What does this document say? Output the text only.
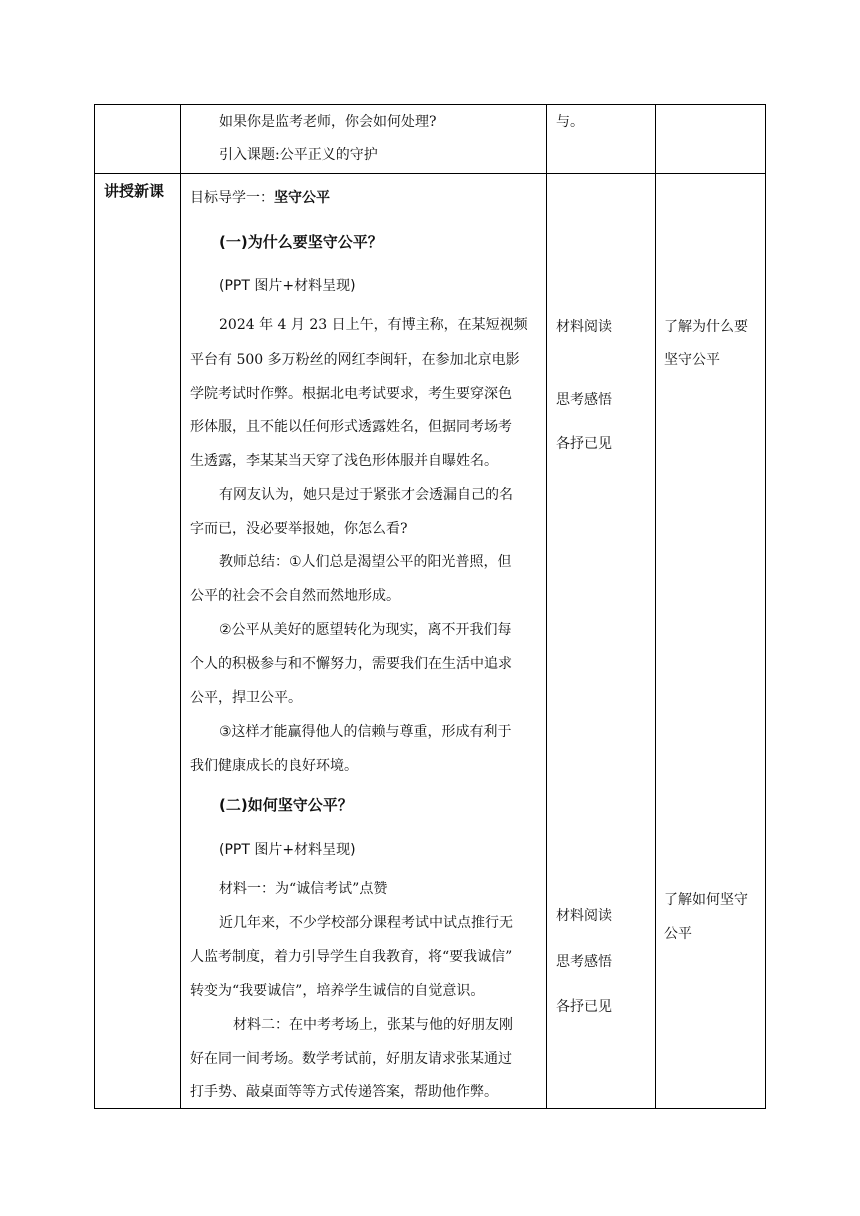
如果你是监考老师，你会如何处理?
引入课题:公平正义的守护
与。
讲授新课 目标导学一：坚守公平
(一)为什么要坚守公平？
(PPT 图片+材料呈现)
2024 年 4 月 23 日上午，有博主称，在某短视频
平台有 500 多万粉丝的网红李闽轩，在参加北京电影
学院考试时作弊。根据北电考试要求，考生要穿深色
形体服，且不能以任何形式透露姓名，但据同考场考
生透露，李某某当天穿了浅色形体服并自曝姓名。
有网友认为，她只是过于紧张才会透漏自己的名
字而已，没必要举报她，你怎么看?
教师总结：①人们总是渴望公平的阳光普照，但
公平的社会不会自然而然地形成。
②公平从美好的愿望转化为现实，离不开我们每
个人的积极参与和不懈努力，需要我们在生活中追求
公平，捍卫公平。
③这样才能赢得他人的信赖与尊重，形成有利于
我们健康成长的良好环境。
材料阅读
思考感悟
各抒已见
了解为什么要
坚守公平
(二)如何坚守公平？
(PPT 图片+材料呈现)
材料一：为“诚信考试”点赞
近几年来，不少学校部分课程考试中试点推行无
人监考制度，着力引导学生自我教育，将“要我诚信”
转变为“我要诚信”，培养学生诚信的自觉意识。
材料二：在中考考场上，张某与他的好朋友刚
好在同一间考场。数学考试前，好朋友请求张某通过
打手势、敲桌面等等方式传递答案，帮助他作弊。
材料阅读
思考感悟
各抒已见
了解如何坚守
公平
